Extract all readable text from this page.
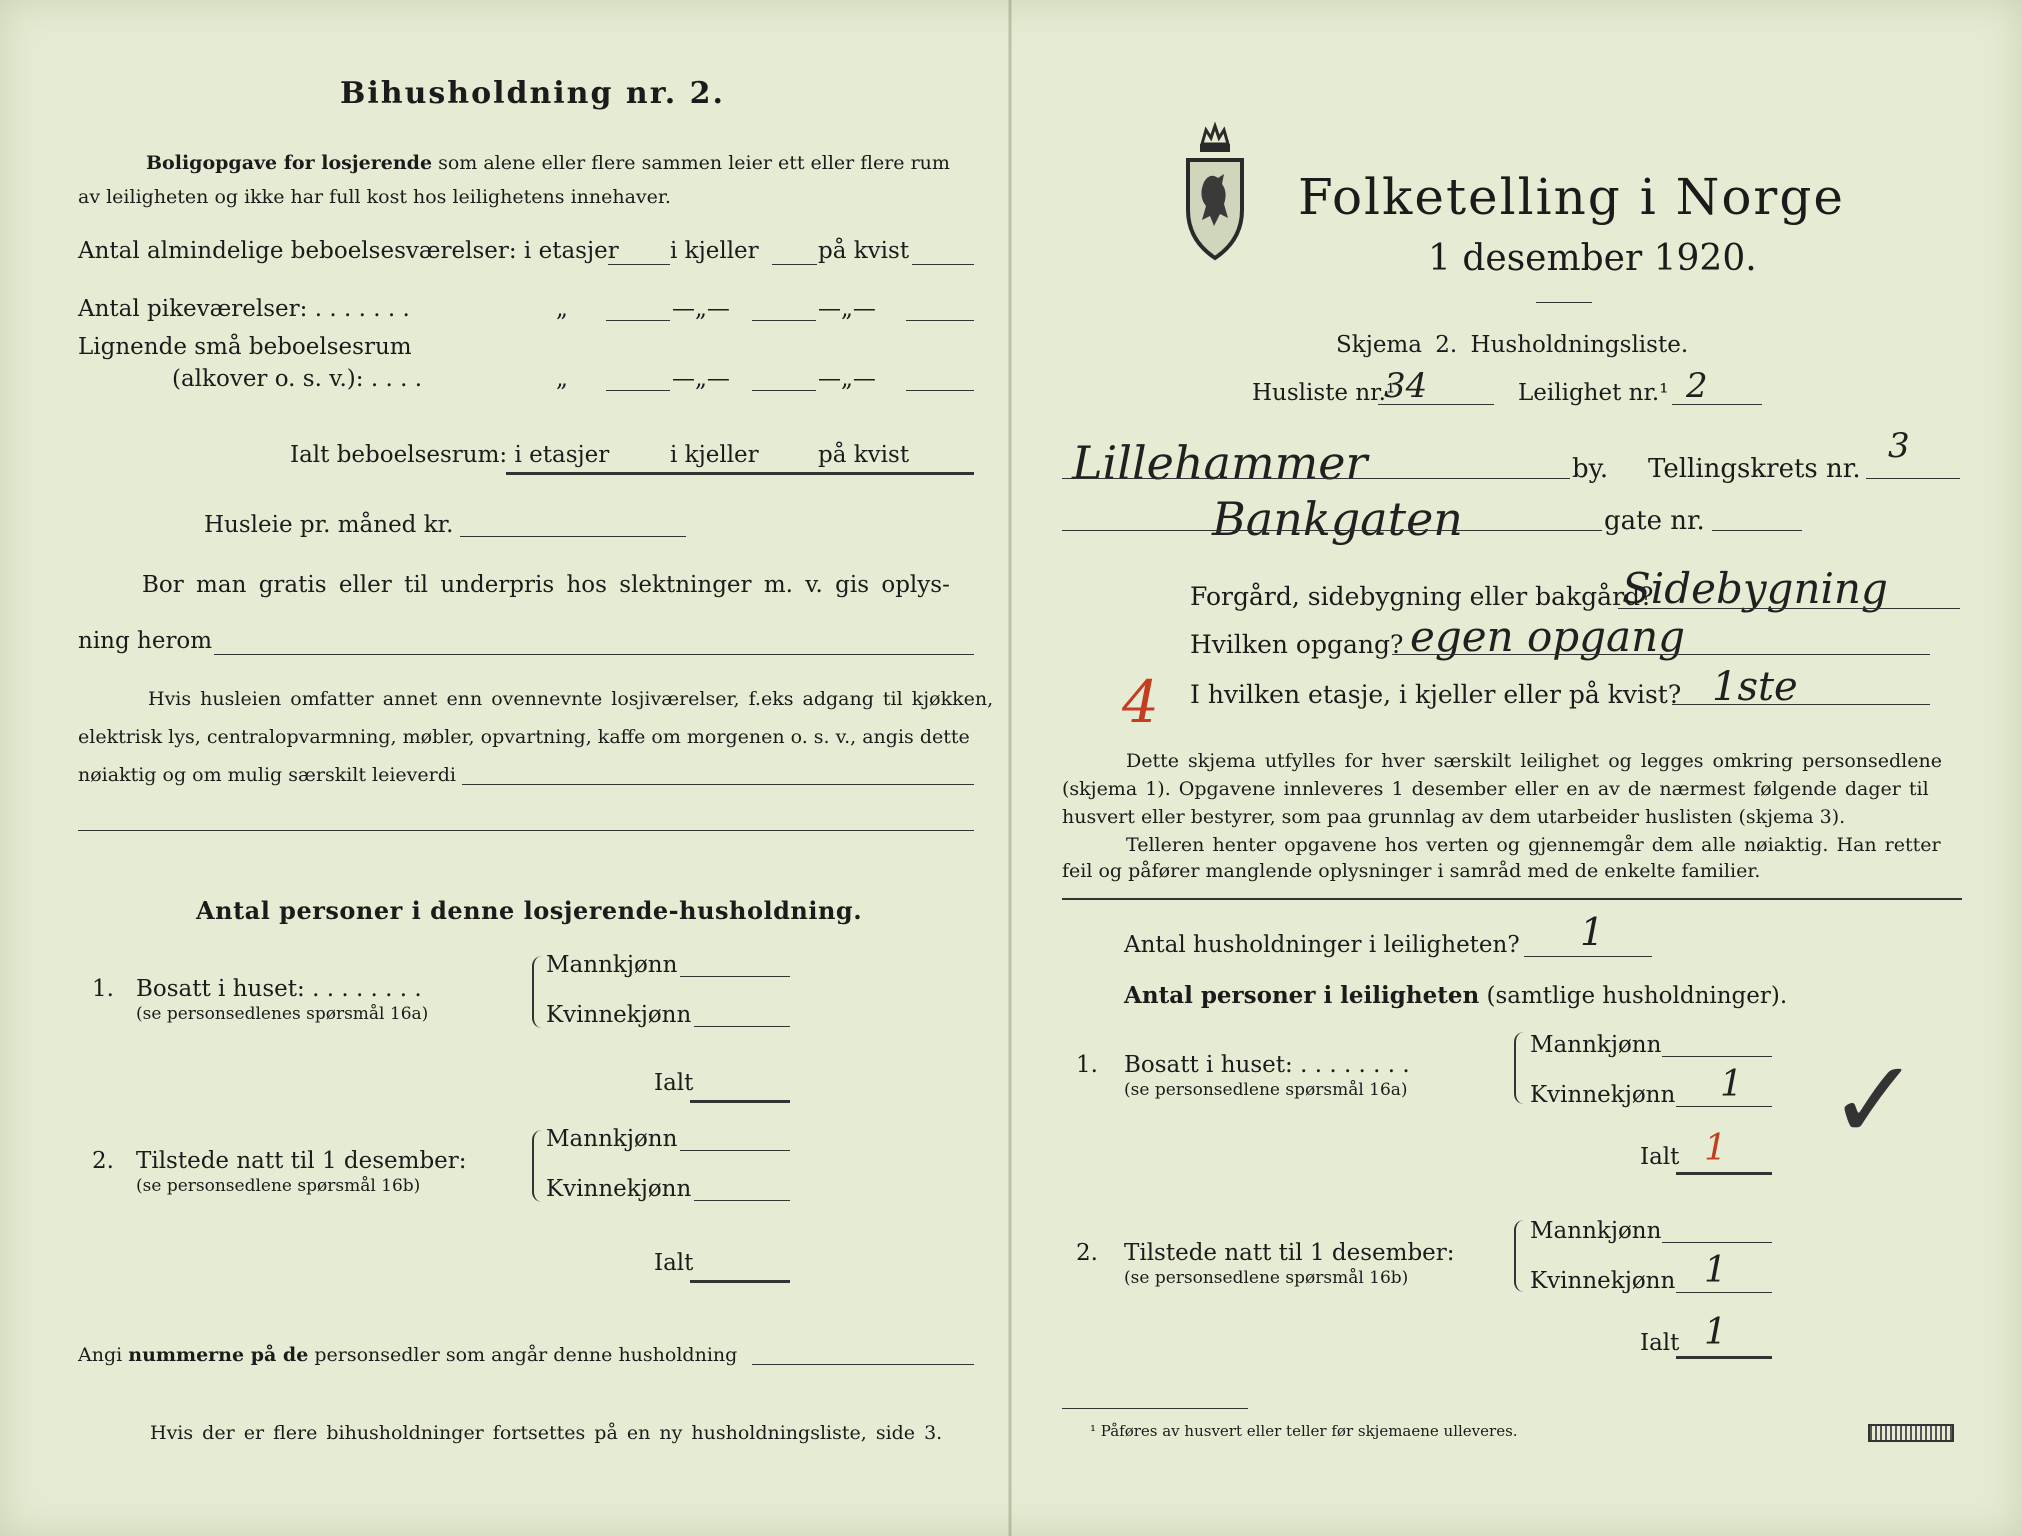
Bihusholdning nr. 2.
Boligopgave for losjerende som alene eller flere sammen leier ett eller flere rum
av leiligheten og ikke har full kost hos leilighetens innehaver.
Antal almindelige beboelsesværelser: i etasjer i kjeller	på kvist
Antal pikeværelser: . . . . . . .	„	—„—	—„—
Lignende små beboelsesrum
(alkover o. s. v.): . . . .	„	—„—	—„—
Ialt beboelsesrum: i etasjer	i kjeller	på kvist
Husleie pr. måned kr.
Bor man gratis eller til underpris hos slektninger m. v. gis oplys-
ning herom
Hvis husleien omfatter annet enn ovennevnte losjiværelser, f.eks adgang til kjøkken,
elektrisk lys, centralopvarmning, møbler, opvartning, kaffe om morgenen o. s. v., angis dette
nøiaktig og om mulig særskilt leieverdi
Antal personer i denne losjerende-husholdning.
1. Bosatt i huset: . . . . . . . .
(se personsedlenes spørsmål 16a)
Mannkjønn
Kvinnekjønn
Ialt
2. Tilstede natt til 1 desember:
(se personsedlene spørsmål 16b)
Mannkjønn
Kvinnekjønn
Ialt
Angi nummerne på de personsedler som angår denne husholdning
Hvis der er flere bihusholdninger fortsettes på en ny husholdningsliste, side 3.
Folketelling i Norge
1 desember 1920.
Skjema 2. Husholdningsliste.
Husliste nr.¹
34	Leilighet nr.¹ 2
Lillehammer	by. Tellingskrets nr.
3
Bankgaten	gate nr.
Forgård, sidebygning eller bakgård?
Sidebygning
Hvilken opgang? egen opgang
4 I hvilken etasje, i kjeller eller på kvist? 1ste
Dette skjema utfylles for hver særskilt leilighet og legges omkring personsedlene
(skjema 1). Opgavene innleveres 1 desember eller en av de nærmest følgende dager til
husvert eller bestyrer, som paa grunnlag av dem utarbeider huslisten (skjema 3).
Telleren henter opgavene hos verten og gjennemgår dem alle nøiaktig. Han retter
feil og påfører manglende oplysninger i samråd med de enkelte familier.
Antal husholdninger i leiligheten? 1
Antal personer i leiligheten (samtlige husholdninger).
1. Bosatt i huset: . . . . . . . .
(se personsedlene spørsmål 16a)
Mannkjønn
Kvinnekjønn 1
Ialt 1 ✓
2. Tilstede natt til 1 desember:
(se personsedlene spørsmål 16b)
Mannkjønn
Kvinnekjønn 1
Ialt 1
¹ Påføres av husvert eller teller før skjemaene ulleveres.
